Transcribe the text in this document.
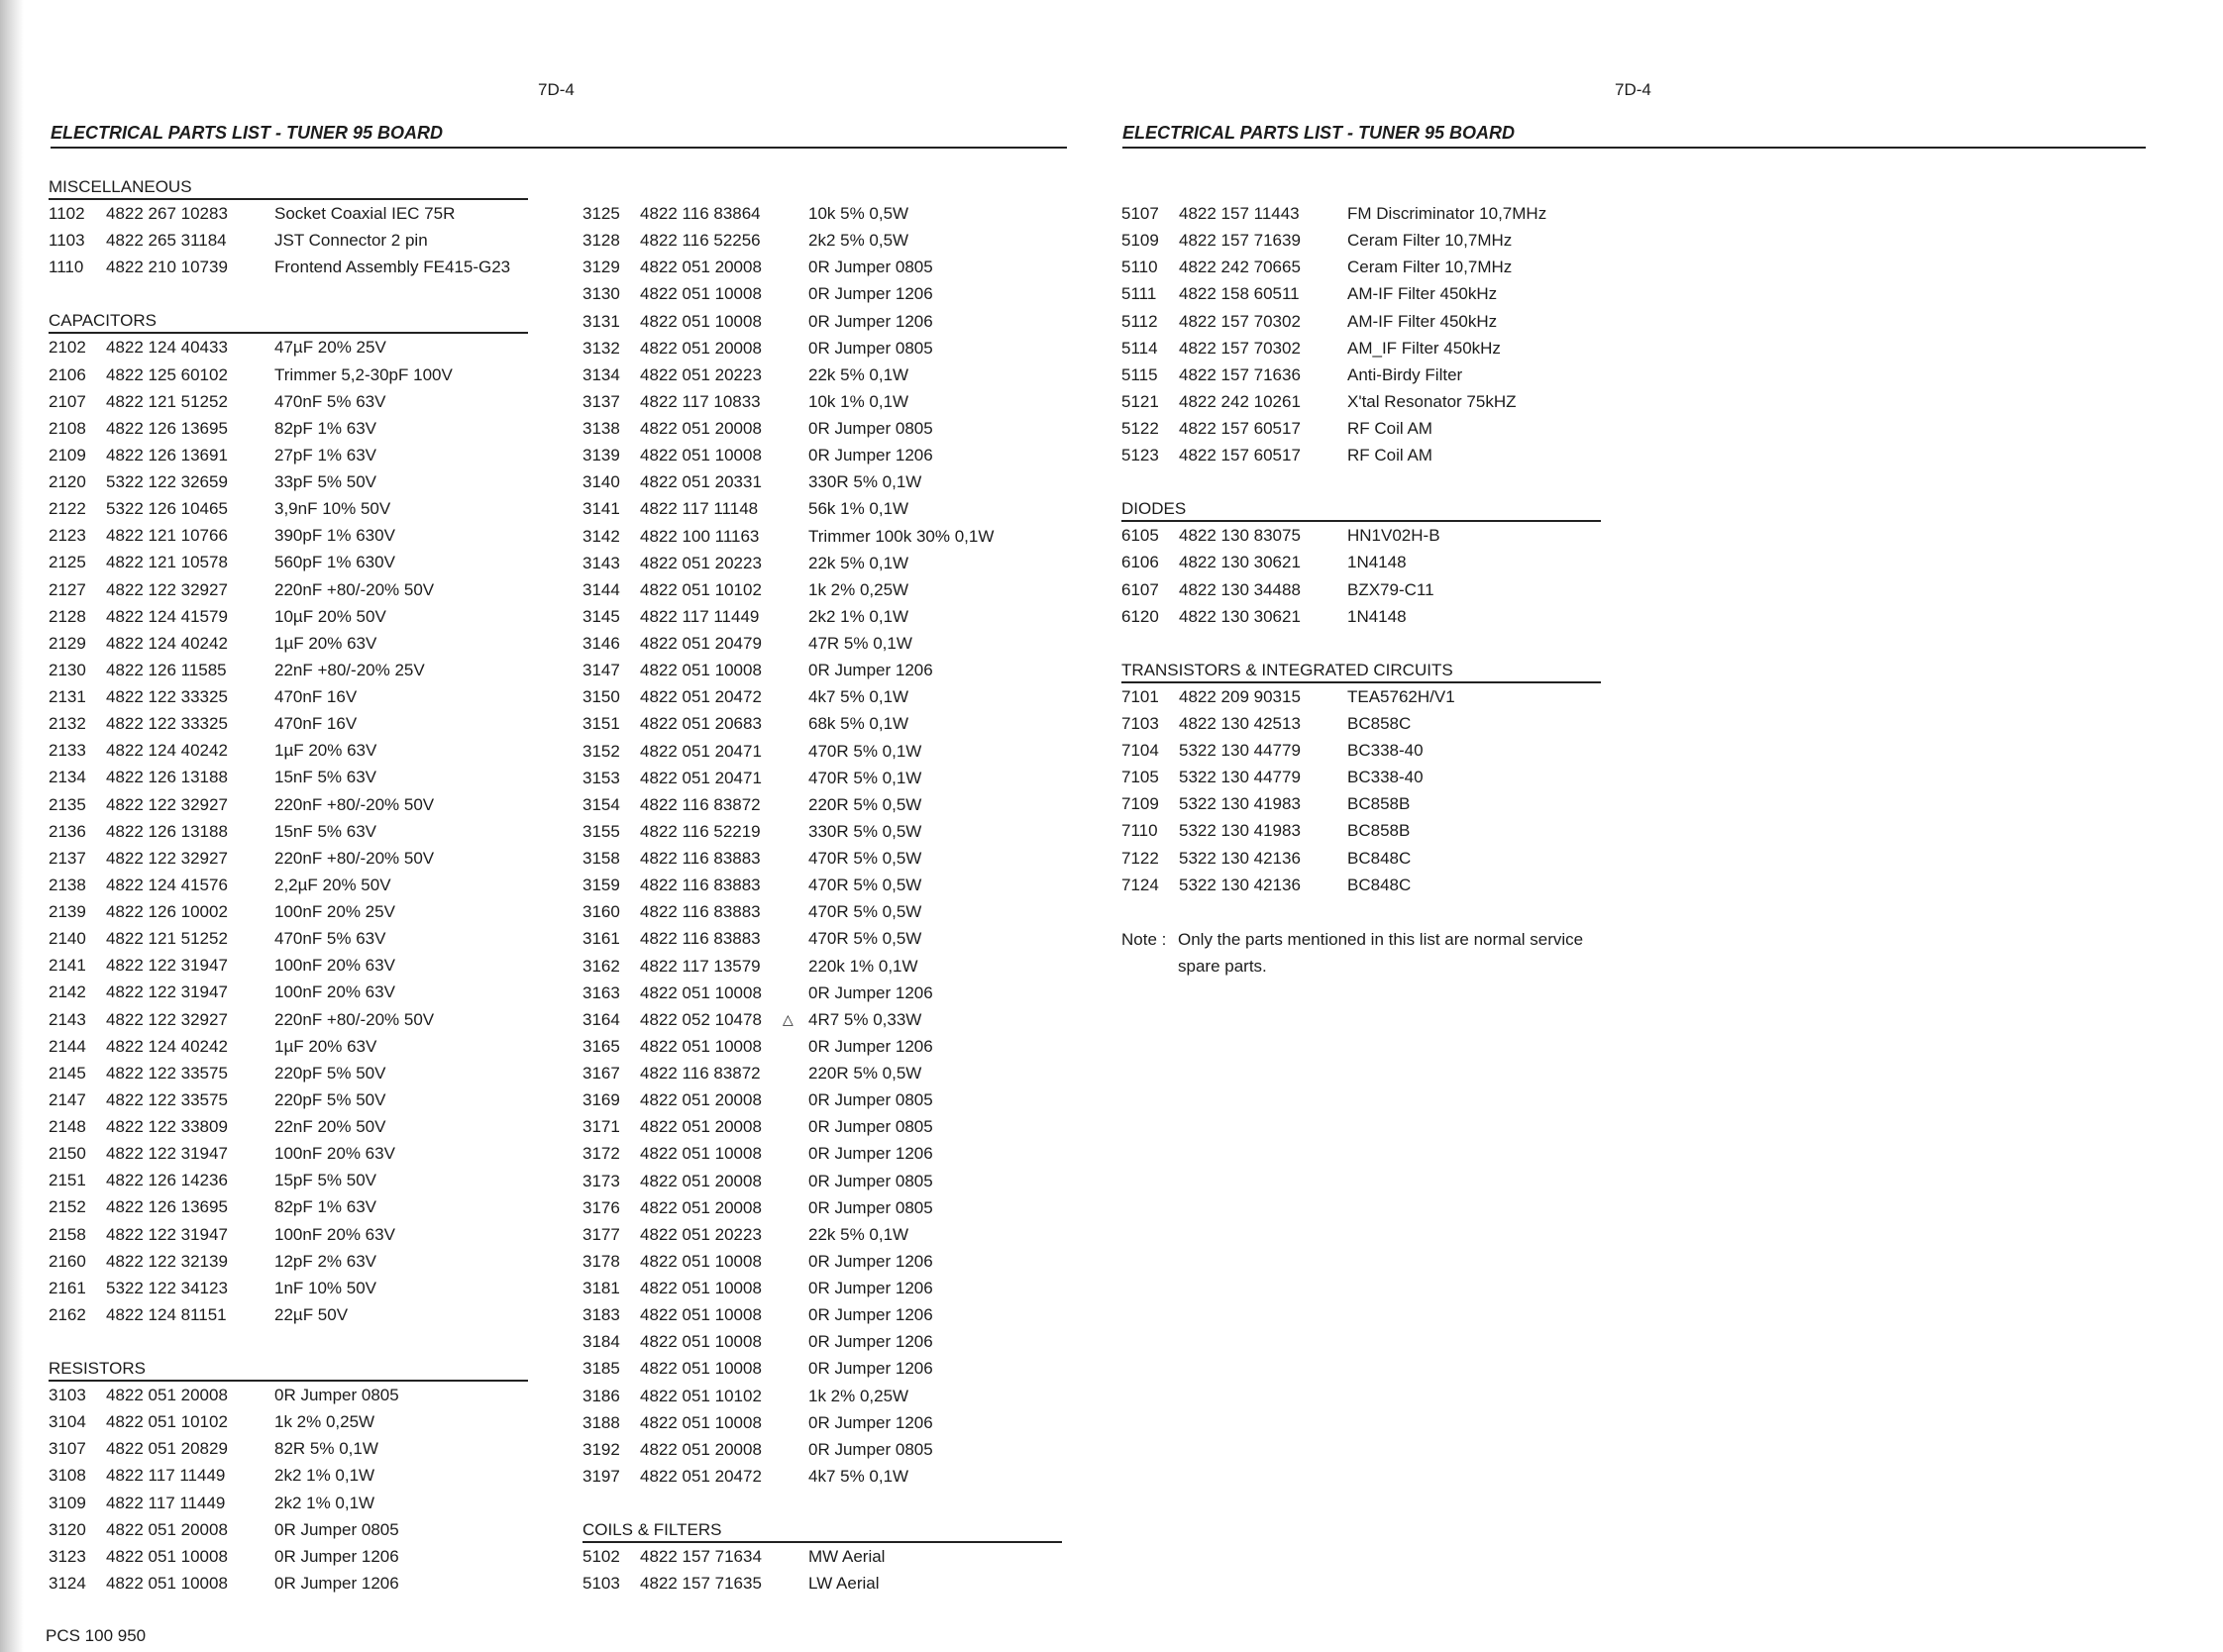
7D-4	7D-4
ELECTRICAL PARTS LIST - TUNER 95 BOARD	ELECTRICAL PARTS LIST - TUNER 95 BOARD
MISCELLANEOUS
1102 4822 267 10283	Socket Coaxial IEC 75R
1103 4822 265 31184	JST Connector 2 pin
1110 4822 210 10739	Frontend Assembly FE415-G23
CAPACITORS
2102 4822 124 40433	47µF 20% 25V
2106 4822 125 60102	Trimmer 5,2-30pF 100V
2107 4822 121 51252	470nF 5% 63V
2108 4822 126 13695	82pF 1% 63V
2109 4822 126 13691	27pF 1% 63V
2120 5322 122 32659	33pF 5% 50V
2122 5322 126 10465	3,9nF 10% 50V
2123 4822 121 10766	390pF 1% 630V
2125 4822 121 10578	560pF 1% 630V
2127 4822 122 32927	220nF +80/-20% 50V
2128 4822 124 41579	10µF 20% 50V
2129 4822 124 40242	1µF 20% 63V
2130 4822 126 11585	22nF +80/-20% 25V
2131 4822 122 33325	470nF 16V
2132 4822 122 33325	470nF 16V
2133 4822 124 40242	1µF 20% 63V
2134 4822 126 13188	15nF 5% 63V
2135 4822 122 32927	220nF +80/-20% 50V
2136 4822 126 13188	15nF 5% 63V
2137 4822 122 32927	220nF +80/-20% 50V
2138 4822 124 41576	2,2µF 20% 50V
2139 4822 126 10002	100nF 20% 25V
2140 4822 121 51252	470nF 5% 63V
2141 4822 122 31947	100nF 20% 63V
2142 4822 122 31947	100nF 20% 63V
2143 4822 122 32927	220nF +80/-20% 50V
2144 4822 124 40242	1µF 20% 63V
2145 4822 122 33575	220pF 5% 50V
2147 4822 122 33575	220pF 5% 50V
2148 4822 122 33809	22nF 20% 50V
2150 4822 122 31947	100nF 20% 63V
2151 4822 126 14236	15pF 5% 50V
2152 4822 126 13695	82pF 1% 63V
2158 4822 122 31947	100nF 20% 63V
2160 4822 122 32139	12pF 2% 63V
2161 5322 122 34123	1nF 10% 50V
2162 4822 124 81151	22µF 50V
RESISTORS
3103 4822 051 20008	0R Jumper 0805
3104 4822 051 10102	1k 2% 0,25W
3107 4822 051 20829	82R 5% 0,1W
3108 4822 117 11449	2k2 1% 0,1W
3109 4822 117 11449	2k2 1% 0,1W
3120 4822 051 20008	0R Jumper 0805
3123 4822 051 10008	0R Jumper 1206
3124 4822 051 10008	0R Jumper 1206
3125 4822 116 83864	10k 5% 0,5W
3128 4822 116 52256	2k2 5% 0,5W
3129 4822 051 20008	0R Jumper 0805
3130 4822 051 10008	0R Jumper 1206
3131 4822 051 10008	0R Jumper 1206
3132 4822 051 20008	0R Jumper 0805
3134 4822 051 20223	22k 5% 0,1W
3137 4822 117 10833	10k 1% 0,1W
3138 4822 051 20008	0R Jumper 0805
3139 4822 051 10008	0R Jumper 1206
3140 4822 051 20331	330R 5% 0,1W
3141 4822 117 11148	56k 1% 0,1W
3142 4822 100 11163	Trimmer 100k 30% 0,1W
3143 4822 051 20223	22k 5% 0,1W
3144 4822 051 10102	1k 2% 0,25W
3145 4822 117 11449	2k2 1% 0,1W
3146 4822 051 20479	47R 5% 0,1W
3147 4822 051 10008	0R Jumper 1206
3150 4822 051 20472	4k7 5% 0,1W
3151 4822 051 20683	68k 5% 0,1W
3152 4822 051 20471	470R 5% 0,1W
3153 4822 051 20471	470R 5% 0,1W
3154 4822 116 83872	220R 5% 0,5W
3155 4822 116 52219	330R 5% 0,5W
3158 4822 116 83883	470R 5% 0,5W
3159 4822 116 83883	470R 5% 0,5W
3160 4822 116 83883	470R 5% 0,5W
3161 4822 116 83883	470R 5% 0,5W
3162 4822 117 13579	220k 1% 0,1W
3163 4822 051 10008	0R Jumper 1206
3164 4822 052 10478 △ 4R7 5% 0,33W
3165 4822 051 10008	0R Jumper 1206
3167 4822 116 83872	220R 5% 0,5W
3169 4822 051 20008	0R Jumper 0805
3171 4822 051 20008	0R Jumper 0805
3172 4822 051 10008	0R Jumper 1206
3173 4822 051 20008	0R Jumper 0805
3176 4822 051 20008	0R Jumper 0805
3177 4822 051 20223	22k 5% 0,1W
3178 4822 051 10008	0R Jumper 1206
3181 4822 051 10008	0R Jumper 1206
3183 4822 051 10008	0R Jumper 1206
3184 4822 051 10008	0R Jumper 1206
3185 4822 051 10008	0R Jumper 1206
3186 4822 051 10102	1k 2% 0,25W
3188 4822 051 10008	0R Jumper 1206
3192 4822 051 20008	0R Jumper 0805
3197 4822 051 20472	4k7 5% 0,1W
COILS & FILTERS
5102 4822 157 71634	MW Aerial
5103 4822 157 71635	LW Aerial
5107 4822 157 11443	FM Discriminator 10,7MHz
5109 4822 157 71639	Ceram Filter 10,7MHz
5110 4822 242 70665	Ceram Filter 10,7MHz
5111 4822 158 60511	AM-IF Filter 450kHz
5112 4822 157 70302	AM-IF Filter 450kHz
5114 4822 157 70302	AM_IF Filter 450kHz
5115 4822 157 71636	Anti-Birdy Filter
5121 4822 242 10261	X'tal Resonator 75kHZ
5122 4822 157 60517	RF Coil AM
5123 4822 157 60517	RF Coil AM
DIODES
6105 4822 130 83075	HN1V02H-B
6106 4822 130 30621	1N4148
6107 4822 130 34488	BZX79-C11
6120 4822 130 30621	1N4148
TRANSISTORS & INTEGRATED CIRCUITS
7101 4822 209 90315	TEA5762H/V1
7103 4822 130 42513	BC858C
7104 5322 130 44779	BC338-40
7105 5322 130 44779	BC338-40
7109 5322 130 41983	BC858B
7110 5322 130 41983	BC858B
7122 5322 130 42136	BC848C
7124 5322 130 42136	BC848C
Note : Only the parts mentioned in this list are normal service spare parts.
PCS 100 950
